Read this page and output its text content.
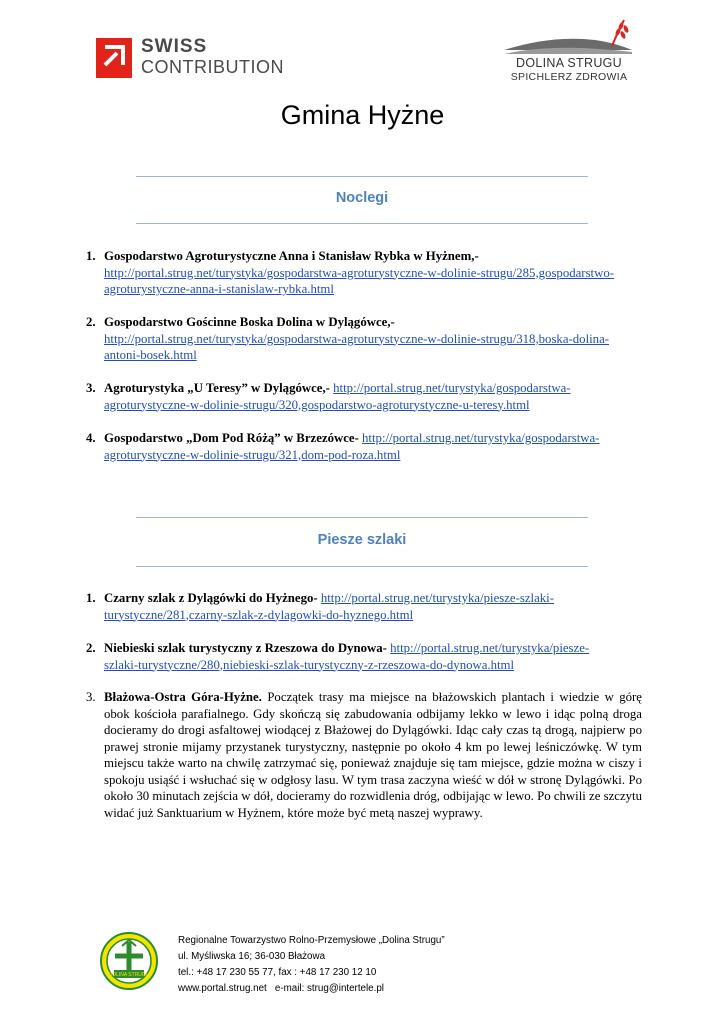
SWISS
CONTRIBUTION	DOLINA STRUGU
SPICHLERZ ZDROWIA
Gmina Hyżne
Noclegi
1. Gospodarstwo Agroturystyczne Anna i Stanisław Rybka w Hyżnem,-
http://portal.strug.net/turystyka/gospodarstwa-agroturystyczne-w-dolinie-strugu/285,gospodarstwo-
agroturystyczne-anna-i-stanislaw-rybka.html
2. Gospodarstwo Gościnne Boska Dolina w Dylągówce,-
http://portal.strug.net/turystyka/gospodarstwa-agroturystyczne-w-dolinie-strugu/318,boska-dolina-
antoni-bosek.html
3. Agroturystyka „U Teresy” w Dylągówce,- http://portal.strug.net/turystyka/gospodarstwa-
agroturystyczne-w-dolinie-strugu/320,gospodarstwo-agroturystyczne-u-teresy.html
4. Gospodarstwo „Dom Pod Różą” w Brzezówce- http://portal.strug.net/turystyka/gospodarstwa-
agroturystyczne-w-dolinie-strugu/321,dom-pod-roza.html
Piesze szlaki
1. Czarny szlak z Dylągówki do Hyżnego- http://portal.strug.net/turystyka/piesze-szlaki-
turystyczne/281,czarny-szlak-z-dylagowki-do-hyznego.html
2. Niebieski szlak turystyczny z Rzeszowa do Dynowa- http://portal.strug.net/turystyka/piesze-
szlaki-turystyczne/280,niebieski-szlak-turystyczny-z-rzeszowa-do-dynowa.html
3. Błażowa-Ostra Góra-Hyżne. Początek trasy ma miejsce na błażowskich plantach i wiedzie w górę obok kościoła parafialnego. Gdy skończą się zabudowania odbijamy lekko w lewo i idąc polną droga docieramy do drogi asfaltowej wiodącej z Błażowej do Dylągówki. Idąc cały czas tą drogą, najpierw po prawej stronie mijamy przystanek turystyczny, następnie po około 4 km po lewej leśniczówkę. W tym miejscu także warto na chwilę zatrzymać się, ponieważ znajduje się tam miejsce, gdzie można w ciszy i spokoju usiąść i wsłuchać się w odgłosy lasu. W tym trasa zaczyna wieść w dół w stronę Dylągówki. Po około 30 minutach zejścia w dół, docieramy do rozwidlenia dróg, odbijając w lewo. Po chwili ze szczytu widać już Sanktuarium w Hyżnem, które może być metą naszej wyprawy.
DOLINA STRUGU
Regionalne Towarzystwo Rolno-Przemysłowe „Dolina Strugu”
ul. Myśliwska 16; 36-030 Błażowa
tel.: +48 17 230 55 77, fax : +48 17 230 12 10
www.portal.strug.net   e-mail: strug@intertele.pl
